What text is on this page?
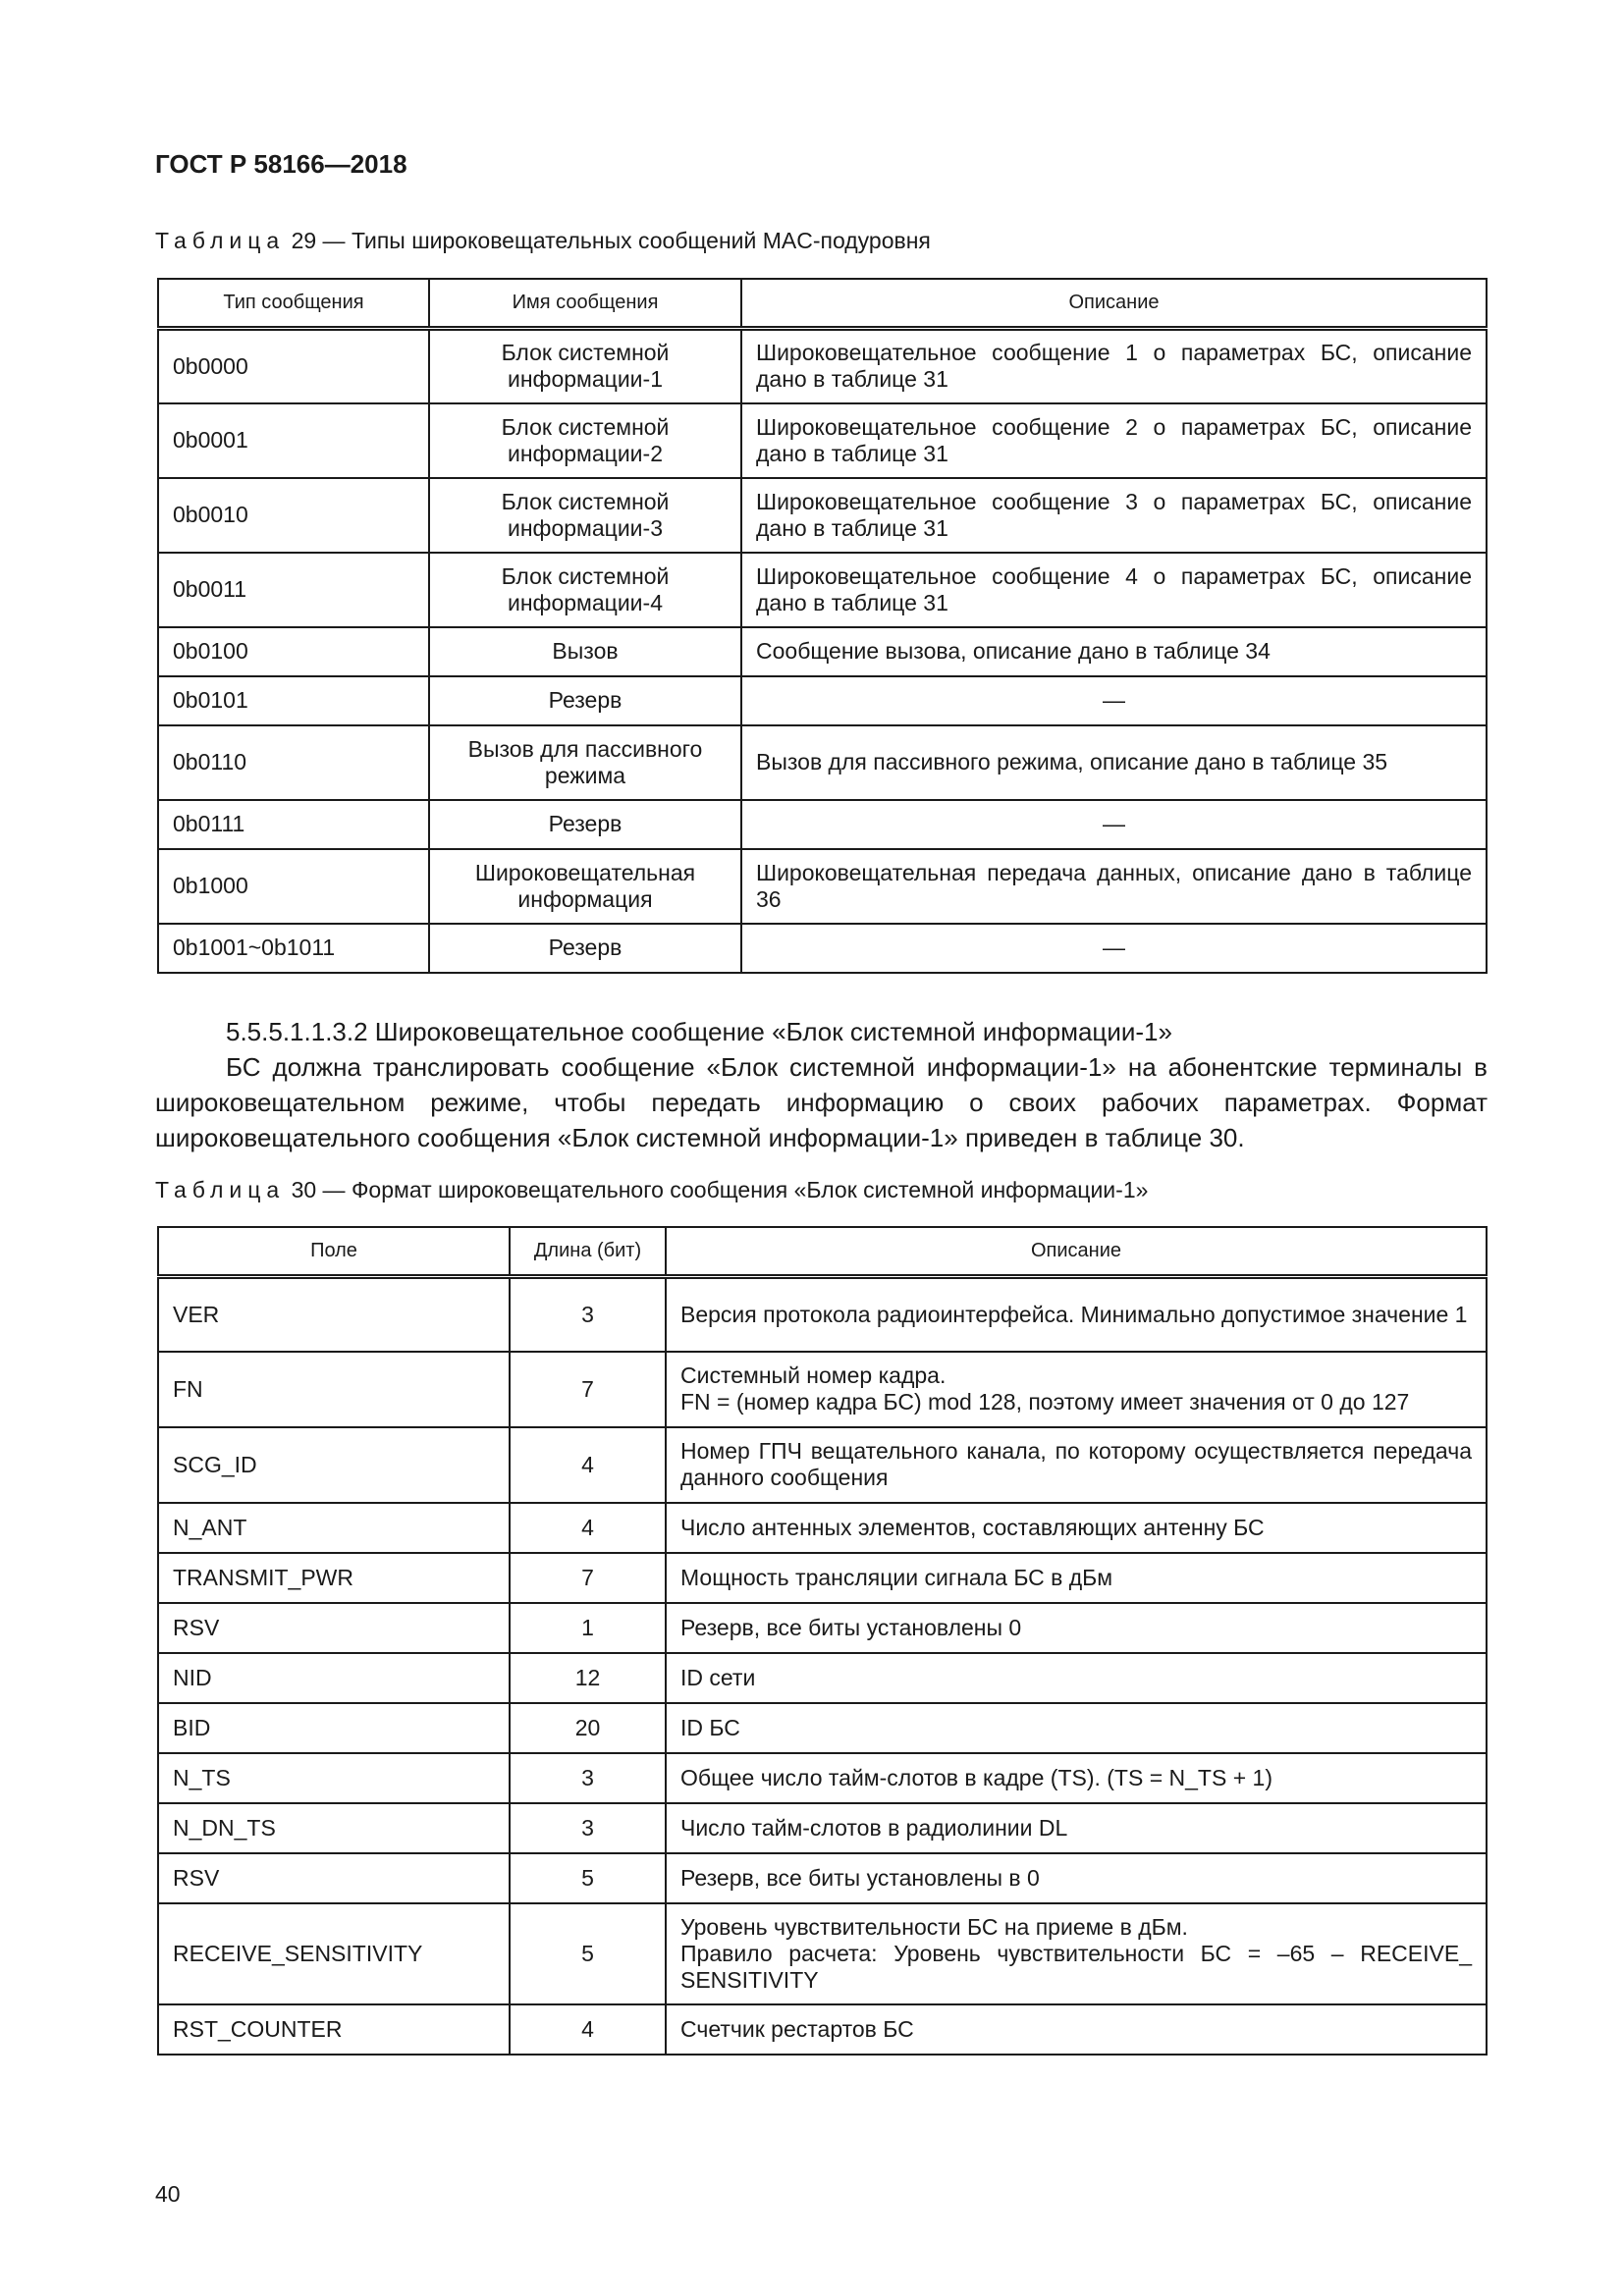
ГОСТ Р 58166—2018
Таблица 29 — Типы широковещательных сообщений MAC-подуровня
Тип сообщения	Имя сообщения	Описание
0b0000	Блок системной информации-1	Широковещательное сообщение 1 о параметрах БС, описание дано в таблице 31
0b0001	Блок системной информации-2	Широковещательное сообщение 2 о параметрах БС, описание дано в таблице 31
0b0010	Блок системной информации-3	Широковещательное сообщение 3 о параметрах БС, описание дано в таблице 31
0b0011	Блок системной информации-4	Широковещательное сообщение 4 о параметрах БС, описание дано в таблице 31
0b0100	Вызов	Сообщение вызова, описание дано в таблице 34
0b0101	Резерв	—
0b0110	Вызов для пассивного режима	Вызов для пассивного режима, описание дано в таблице 35
0b0111	Резерв	—
0b1000	Широковещательная информация	Широковещательная передача данных, описание дано в таблице 36
0b1001~0b1011	Резерв	—
5.5.5.1.1.3.2 Широковещательное сообщение «Блок системной информации-1»
БС должна транслировать сообщение «Блок системной информации-1» на абонентские терминалы в широковещательном режиме, чтобы передать информацию о своих рабочих параметрах. Формат широковещательного сообщения «Блок системной информации-1» приведен в таблице 30.
Таблица 30 — Формат широковещательного сообщения «Блок системной информации-1»
Поле	Длина (бит)	Описание
VER	3	Версия протокола радиоинтерфейса. Минимально допустимое значение 1

FN	7	Системный номер кадра.
FN = (номер кадра БС) mod 128, поэтому имеет значения от 0 до 127

SCG_ID	4	Номер ГПЧ вещательного канала, по которому осуществляется передача данного сообщения

N_ANT	4	Число антенных элементов, составляющих антенну БС

TRANSMIT_PWR	7	Мощность трансляции сигнала БС в дБм

RSV	1	Резерв, все биты установлены 0

NID	12	ID сети

BID	20	ID БС

N_TS	3	Общее число тайм-слотов в кадре (TS). (TS = N_TS + 1)

N_DN_TS	3	Число тайм-слотов в радиолинии DL

RSV	5	Резерв, все биты установлены в 0

RECEIVE_SENSITIVITY	5	Уровень чувствительности БС на приеме в дБм.
Правило расчета: Уровень чувствительности БС = –65 – RECEIVE_ SENSITIVITY

RST_COUNTER	4	Счетчик рестартов БС
40
